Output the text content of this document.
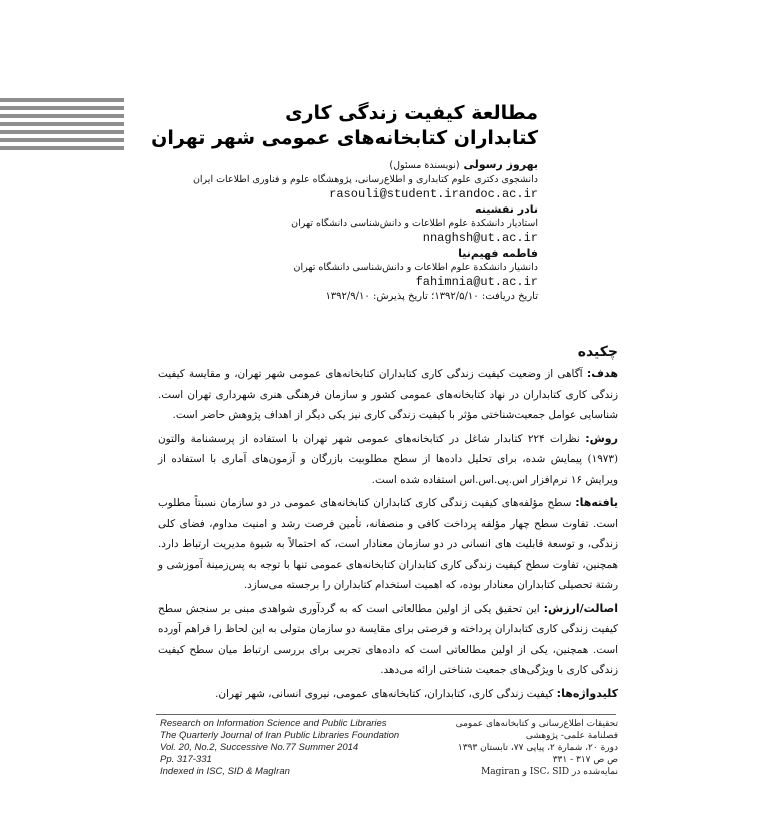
مطالعة کیفیت زندگی کاری
کتابداران کتابخانه‌های عمومی شهر تهران
بهروز رسولی (نویسندة مسئول)
دانشجوی دکتری علوم کتابداری و اطلاع‌رسانی، پژوهشگاه علوم و فناوری اطلاعات ایران
rasouli@student.irandoc.ac.ir
نادر نقشینه
استادیار دانشکدة علوم اطلاعات و دانش‌شناسی دانشگاه تهران
nnaghsh@ut.ac.ir
فاطمه فهیم‌نیا
دانشیار دانشکدة علوم اطلاعات و دانش‌شناسی دانشگاه تهران
fahimnia@ut.ac.ir
تاریخ دریافت: ۱۳۹۲/۵/۱۰؛ تاریخ پذیرش: ۱۳۹۲/۹/۱۰
چکیده

هدف: آگاهی از وضعیت کیفیت زندگی کاری کتابداران کتابخانه‌های عمومی شهر تهران، و مقایسة کیفیت زندگی کاری کتابداران در نهاد کتابخانه‌های عمومی کشور و سازمان فرهنگی هنری شهرداری تهران است. شناسایی عوامل جمعیت‌شناختی مؤثر با کیفیت زندگی کاری نیز یکی دیگر از اهداف پژوهش حاضر است.

روش: نظرات ۲۲۴ کتابدار شاغل در کتابخانه‌های عمومی شهر تهران با استفاده از پرسشنامة والتون (۱۹۷۳) پیمایش شده، برای تحلیل داده‌ها از سطح مطلوبیت بازرگان و آزمون‌های آماری با استفاده از ویرایش ۱۶ نرم‌افزار اس.پی.اس.اس استفاده شده است.

یافته‌ها: سطح مؤلفه‌های کیفیت زندگی کاری کتابداران کتابخانه‌های عمومی در دو سازمان نسبتاً مطلوب است. تفاوت سطح چهار مؤلفه پرداخت کافی و منصفانه، تأمین فرصت رشد و امنیت مداوم، فضای کلی زندگی، و توسعة قابلیت های انسانی در دو سازمان معنادار است، که احتمالاً به شیوة مدیریت ارتباط دارد. همچنین، تفاوت سطح کیفیت زندگی کاری کتابداران کتابخانه‌های عمومی تنها با توجه به پس‌زمینة آموزشی و رشتة تحصیلی کتابداران معنادار بوده، که اهمیت استخدام کتابداران را برجسته می‌سازد.

اصالت/ارزش: این تحقیق یکی از اولین مطالعاتی است که به گردآوری شواهدی مبنی بر سنجش سطح کیفیت زندگی کاری کتابداران پرداخته و فرصتی برای مقایسة دو سازمان متولی به این لحاظ را فراهم آورده است. همچنین، یکی از اولین مطالعاتی است که داده‌های تجربی برای بررسی ارتباط میان سطح کیفیت زندگی کاری با ویژگی‌های جمعیت شناختی ارائه می‌دهد.

کلیدواژه‌ها: کیفیت زندگی کاری، کتابداران، کتابخانه‌های عمومی، نیروی انسانی، شهر تهران.

Research on Information Science and Public Libraries
The Quarterly Journal of Iran Public Libraries Foundation
Vol. 20, No.2, Successive No.77 Summer 2014
Pp. 317-331
Indexed in ISC, SID & MagIran
تحقیقات اطلاع‌رسانی و کتابخانه‌های عمومی
فصلنامة علمی- پژوهشی
دورة ۲۰، شمارة ۲، پیاپی ۷۷، تابستان ۱۳۹۳
ص ص ۳۱۷ - ۳۳۱
نمایه‌شده در ISC، SID و Magiran
